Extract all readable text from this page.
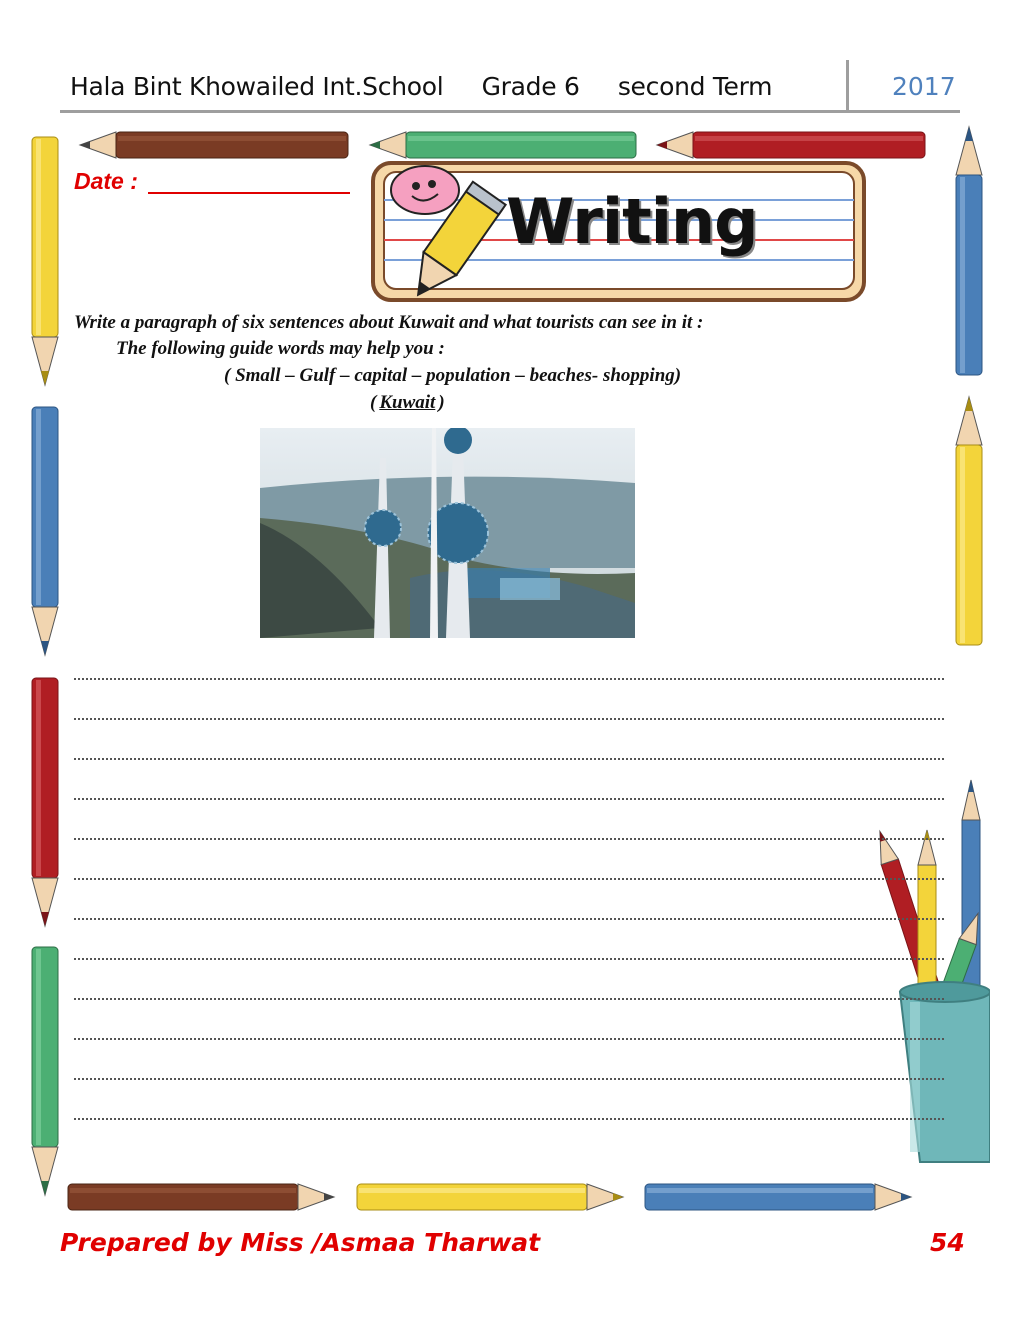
Hala Bint Khowailed Int.School Grade 6 second Term	2017
Date :
Writing
Write a paragraph of six sentences about Kuwait and what tourists can see in it :
The following guide words may help you :
( Small – Gulf – capital – population – beaches- shopping)
( Kuwait )
Prepared by Miss /Asmaa Tharwat	54
